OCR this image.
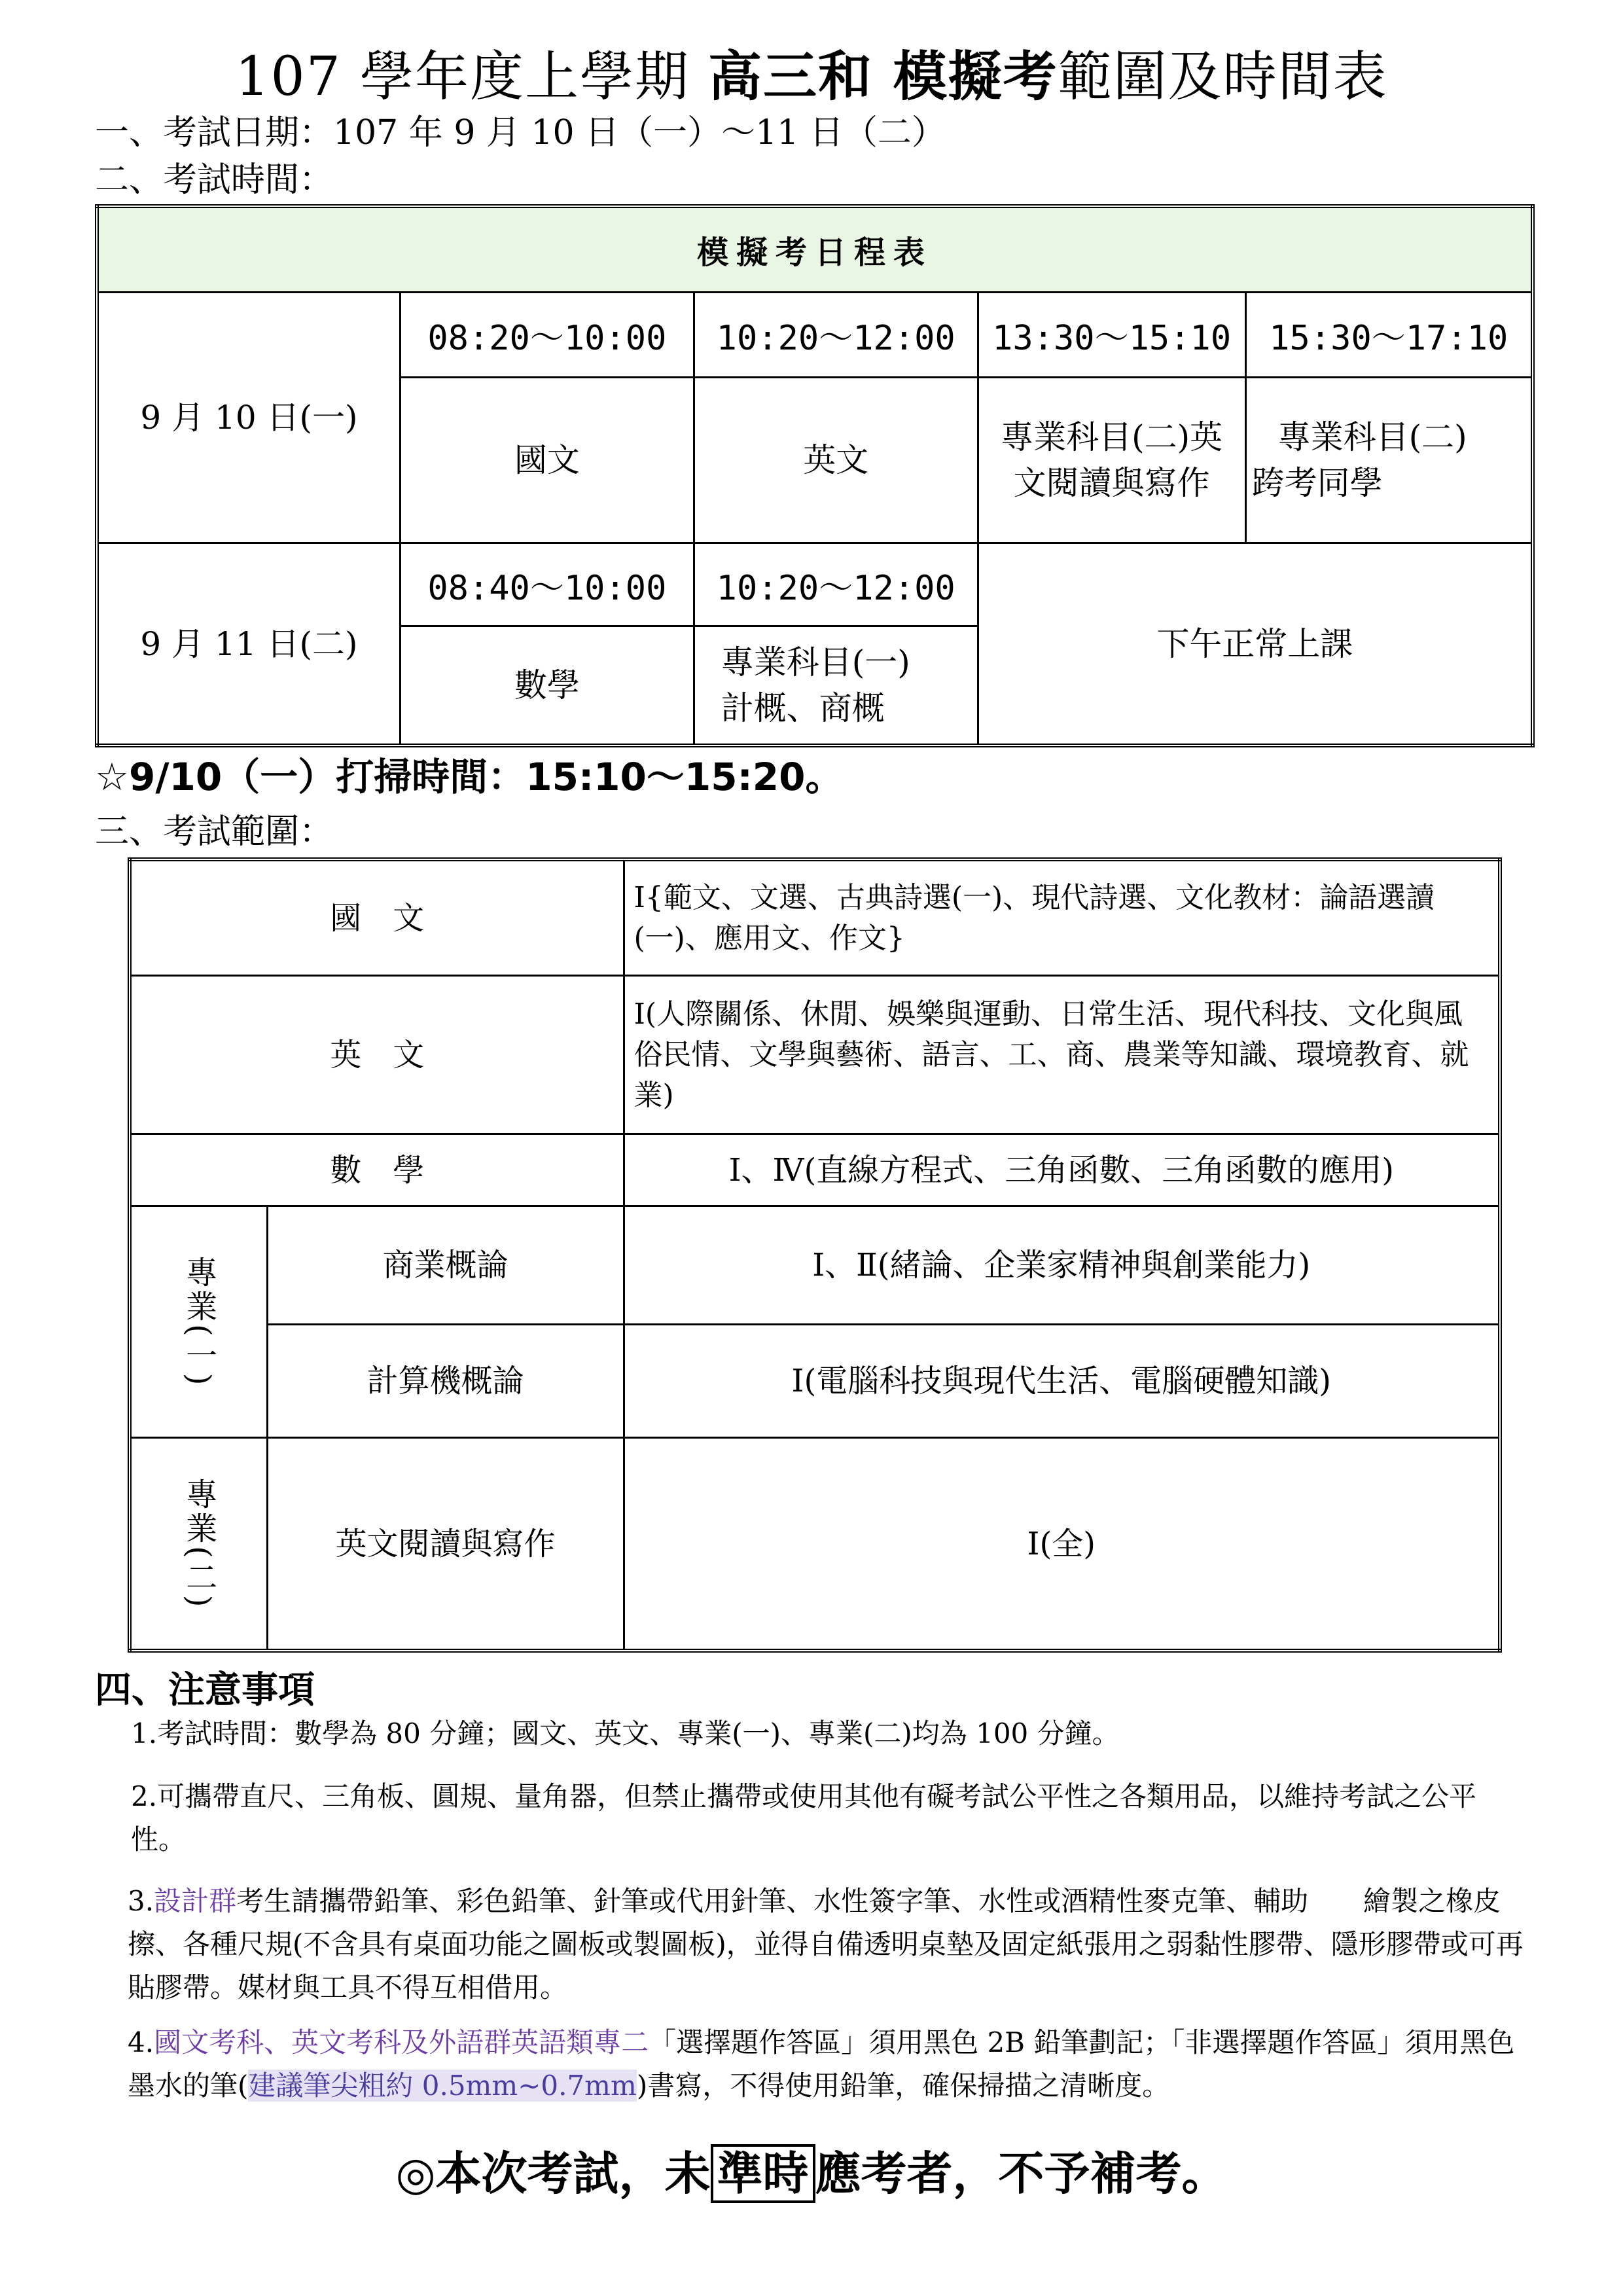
107 學年度上學期 高三和 模擬考範圍及時間表
一、考試日期：107 年 9 月 10 日（一）～11 日（二）
二、考試時間：
模擬考日程表				
9 月 10 日(一)	08:20～10:00	10:20～12:00	13:30～15:10	15:30～17:10
	國文	英文	專業科目(二)英文閱讀與寫作	專業科目(二)
跨考同學

9 月 11 日(二)	08:40～10:00	10:20～12:00	下午正常上課	
	數學	專業科目(一)
計概、商概		
☆9/10（一）打掃時間：15:10～15:20。
三、考試範圍：
國　文		Ⅰ{範文、文選、古典詩選(一)、現代詩選、文化教材：論語選讀(一)、應用文、作文}
英　文		Ⅰ(人際關係、休閒、娛樂與運動、日常生活、現代科技、文化與風俗民情、文學與藝術、語言、工、商、農業等知識、環境教育、就業)
數　學		Ⅰ、Ⅳ(直線方程式、三角函數、三角函數的應用)

專業(一)	商業概論	Ⅰ、Ⅱ(緒論、企業家精神與創業能力)
	計算機概論	Ⅰ(電腦科技與現代生活、電腦硬體知識)

專業(二)	英文閱讀與寫作	Ⅰ(全)
四、注意事項
1.考試時間：數學為 80 分鐘；國文、英文、專業(一)、專業(二)均為 100 分鐘。
2.可攜帶直尺、三角板、圓規、量角器，但禁止攜帶或使用其他有礙考試公平性之各類用品，以維持考試之公平性。
3.設計群考生請攜帶鉛筆、彩色鉛筆、針筆或代用針筆、水性簽字筆、水性或酒精性麥克筆、輔助　　繪製之橡皮擦、各種尺規(不含具有桌面功能之圖板或製圖板)，並得自備透明桌墊及固定紙張用之弱黏性膠帶、隱形膠帶或可再貼膠帶。媒材與工具不得互相借用。
4.國文考科、英文考科及外語群英語類專二「選擇題作答區」須用黑色 2B 鉛筆劃記；「非選擇題作答區」須用黑色墨水的筆(建議筆尖粗約 0.5mm~0.7mm)書寫，不得使用鉛筆，確保掃描之清晰度。
◎本次考試，未 準時 應考者，不予補考。
